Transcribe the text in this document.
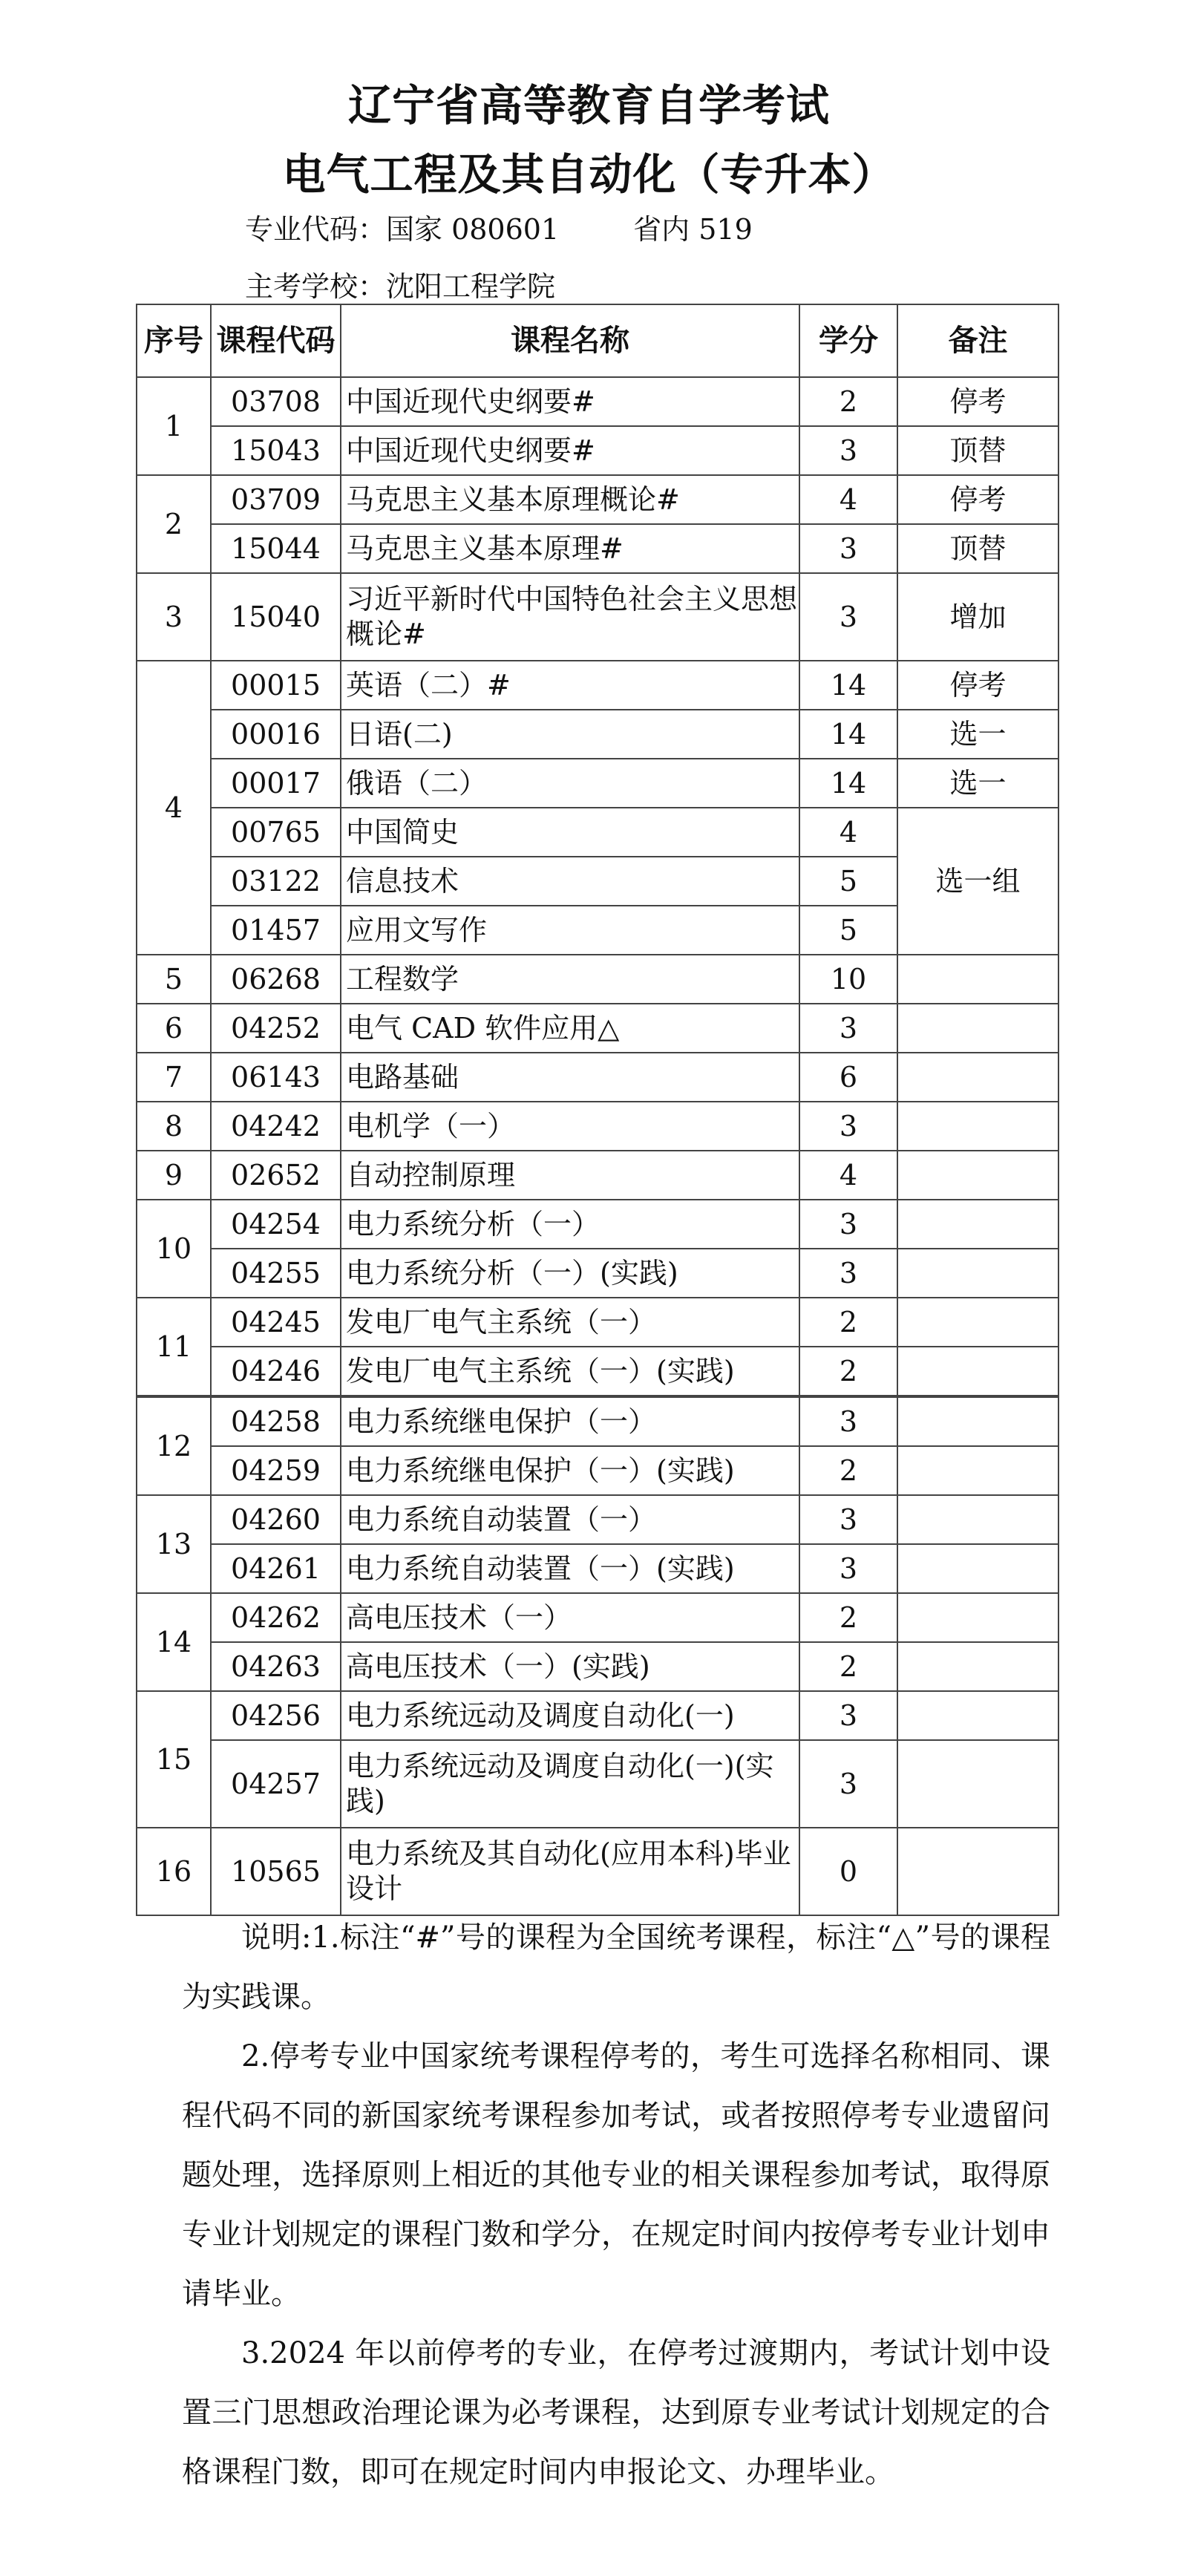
辽宁省高等教育自学考试
电气工程及其自动化（专升本）
专业代码：国家 080601	省内 519
主考学校：沈阳工程学院
序号	课程代码	课程名称	学分	备注
1	03708	中国近现代史纲要#	2	停考
	15043	中国近现代史纲要#	3	顶替
2	03709	马克思主义基本原理概论#	4	停考
	15044	马克思主义基本原理#	3	顶替
3	15040	习近平新时代中国特色社会主义思想概论#	3	增加
4	00015	英语（二）#	14	停考
	00016	日语(二)	14	选一
	00017	俄语（二）	14	选一
	00765	中国简史	4	选一组
	03122	信息技术	5	
	01457	应用文写作	5	
5	06268	工程数学	10	
6	04252	电气 CAD 软件应用△	3	
7	06143	电路基础	6	
8	04242	电机学（一）	3	
9	02652	自动控制原理	4	
10	04254	电力系统分析（一）	3	
	04255	电力系统分析（一）(实践)	3	
11	04245	发电厂电气主系统（一）	2	
	04246	发电厂电气主系统（一）(实践)	2	
12	04258	电力系统继电保护（一）	3	
	04259	电力系统继电保护（一）(实践)	2	
13	04260	电力系统自动装置（一）	3	
	04261	电力系统自动装置（一）(实践)	3	
14	04262	高电压技术（一）	2	
	04263	高电压技术（一）(实践)	2	
15	04256	电力系统远动及调度自动化(一)	3	
	04257	电力系统远动及调度自动化(一)(实践)	3	
16	10565	电力系统及其自动化(应用本科)毕业设计	0	

说明:1.标注“#”号的课程为全国统考课程，标注“△”号的课程为实践课。

2.停考专业中国家统考课程停考的，考生可选择名称相同、课程代码不同的新国家统考课程参加考试，或者按照停考专业遗留问题处理，选择原则上相近的其他专业的相关课程参加考试，取得原专业计划规定的课程门数和学分，在规定时间内按停考专业计划申请毕业。

3.2024 年以前停考的专业，在停考过渡期内，考试计划中设置三门思想政治理论课为必考课程，达到原专业考试计划规定的合格课程门数，即可在规定时间内申报论文、办理毕业。
